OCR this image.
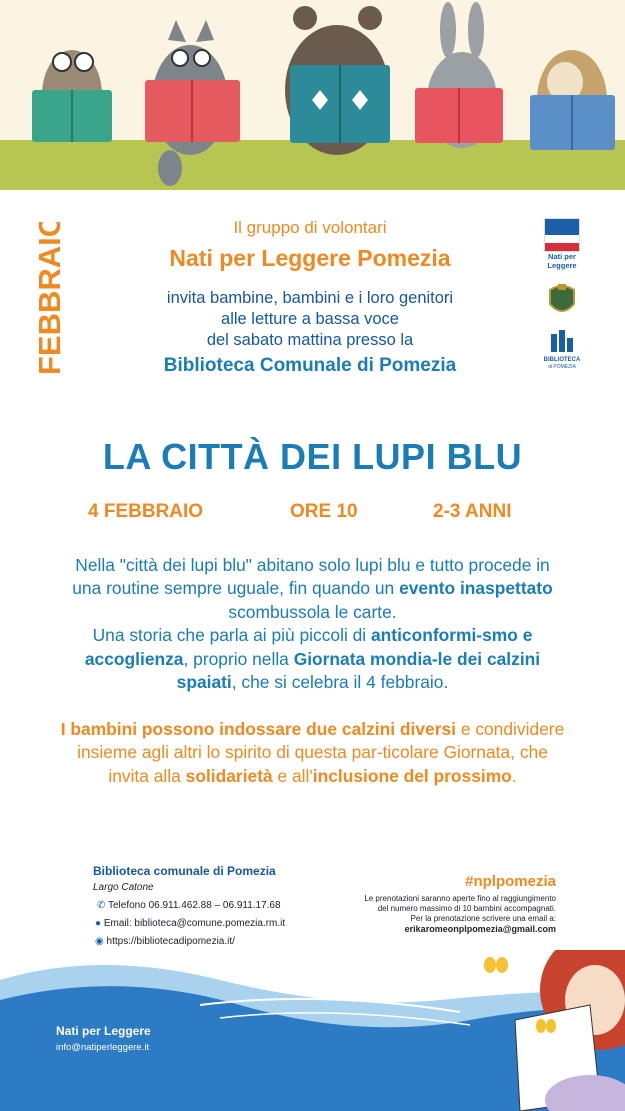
FEBBRAIO	Il gruppo di volontari
Nati per Leggere Pomezia
invita bambine, bambini e i loro genitori
alle letture a bassa voce
del sabato mattina presso la
Biblioteca Comunale di Pomezia
Nati per
Leggere
BIBLIOTECA
di POMEZIA
LA CITTÀ DEI LUPI BLU
4 FEBBRAIO	ORE 10	2-3 ANNI
Nella "città dei lupi blu" abitano solo lupi blu e tutto procede in una routine sempre uguale, fin quando un evento inaspettato scombussola le carte.
Una storia che parla ai più piccoli di anticonformi-smo e accoglienza, proprio nella Giornata mondia-le dei calzini spaiati, che si celebra il 4 febbraio.
I bambini possono indossare due calzini diversi e condividere insieme agli altri lo spirito di questa par-ticolare Giornata, che invita alla solidarietà e all'inclusione del prossimo.
Biblioteca comunale di Pomezia
Largo Catone
✆ Telefono 06.911.462.88 – 06.911.17.68
● Email: biblioteca@comune.pomezia.rm.it
◉ https://bibliotecadipomezia.it/
#nplpomezia
Le prenotazioni saranno aperte fino al raggiungimento
del numero massimo di 10 bambini accompagnati.
Per la prenotazione scrivere una email a:
erikaromeonplpomezia@gmail.com
Nati per Leggere
info@natiperleggere.it
